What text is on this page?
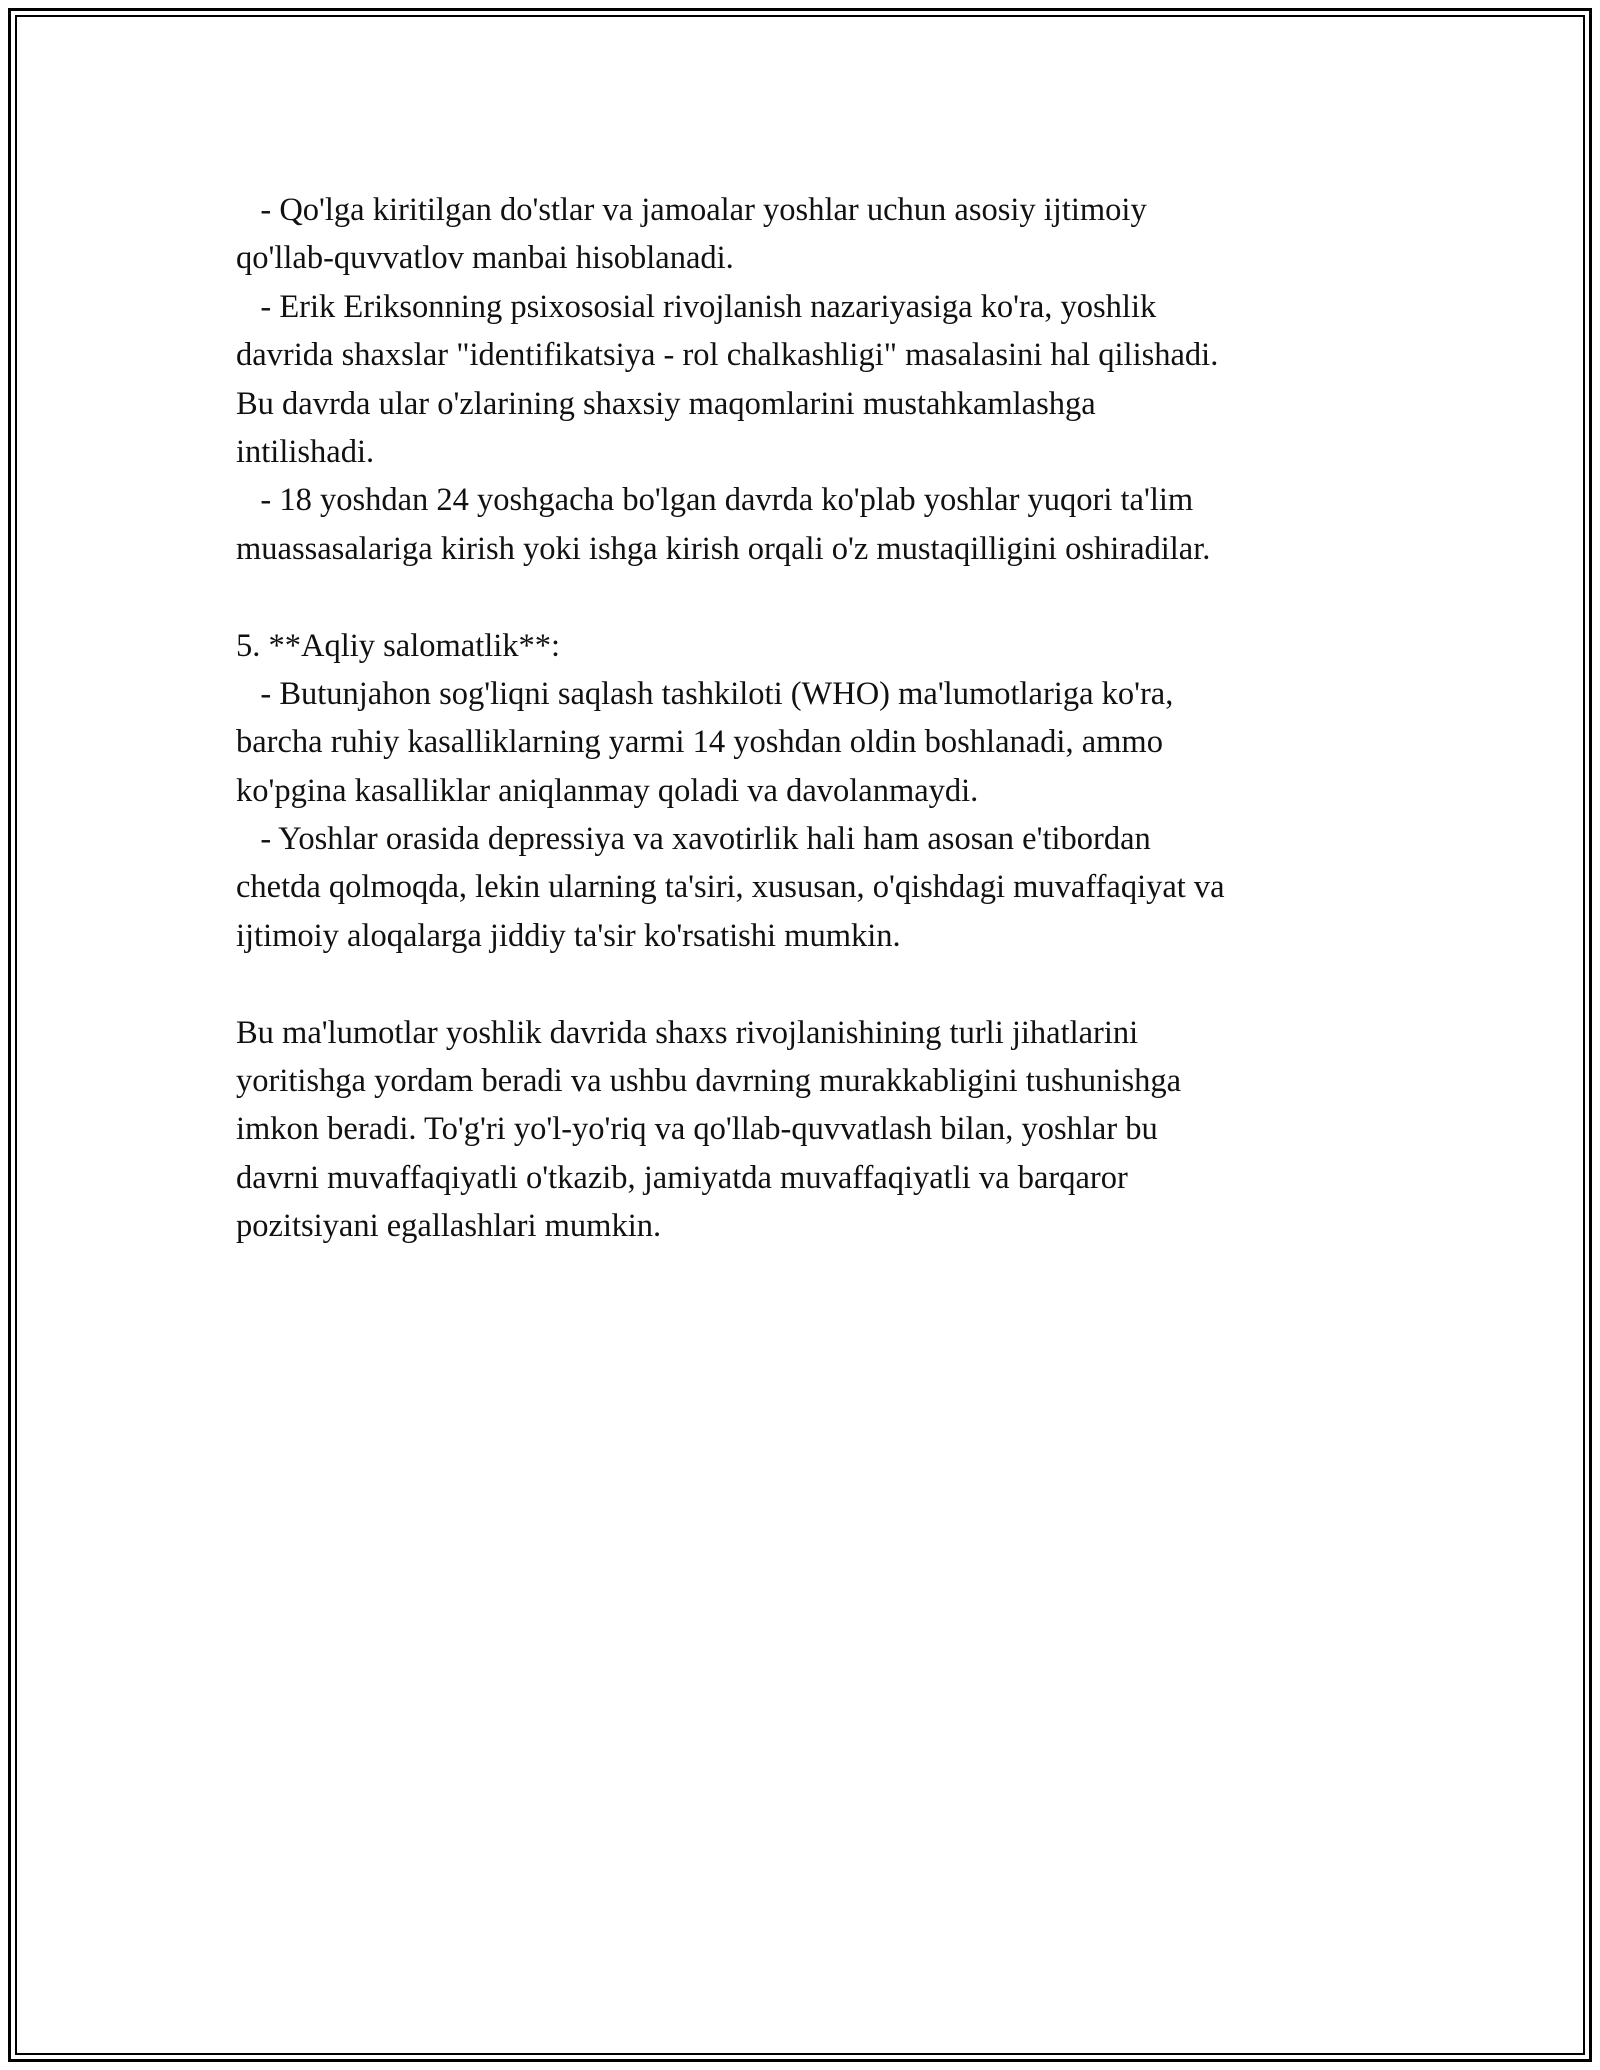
- Qo'lga kiritilgan do'stlar va jamoalar yoshlar uchun asosiy ijtimoiy
qo'llab-quvvatlov manbai hisoblanadi.
- Erik Eriksonning psixososial rivojlanish nazariyasiga ko'ra, yoshlik
davrida shaxslar "identifikatsiya - rol chalkashligi" masalasini hal qilishadi.
Bu davrda ular o'zlarining shaxsiy maqomlarini mustahkamlashga
intilishadi.
- 18 yoshdan 24 yoshgacha bo'lgan davrda ko'plab yoshlar yuqori ta'lim
muassasalariga kirish yoki ishga kirish orqali o'z mustaqilligini oshiradilar.
5. **Aqliy salomatlik**:
- Butunjahon sog'liqni saqlash tashkiloti (WHO) ma'lumotlariga ko'ra,
barcha ruhiy kasalliklarning yarmi 14 yoshdan oldin boshlanadi, ammo
ko'pgina kasalliklar aniqlanmay qoladi va davolanmaydi.
- Yoshlar orasida depressiya va xavotirlik hali ham asosan e'tibordan
chetda qolmoqda, lekin ularning ta'siri, xususan, o'qishdagi muvaffaqiyat va
ijtimoiy aloqalarga jiddiy ta'sir ko'rsatishi mumkin.
Bu ma'lumotlar yoshlik davrida shaxs rivojlanishining turli jihatlarini
yoritishga yordam beradi va ushbu davrning murakkabligini tushunishga
imkon beradi. To'g'ri yo'l-yo'riq va qo'llab-quvvatlash bilan, yoshlar bu
davrni muvaffaqiyatli o'tkazib, jamiyatda muvaffaqiyatli va barqaror
pozitsiyani egallashlari mumkin.
